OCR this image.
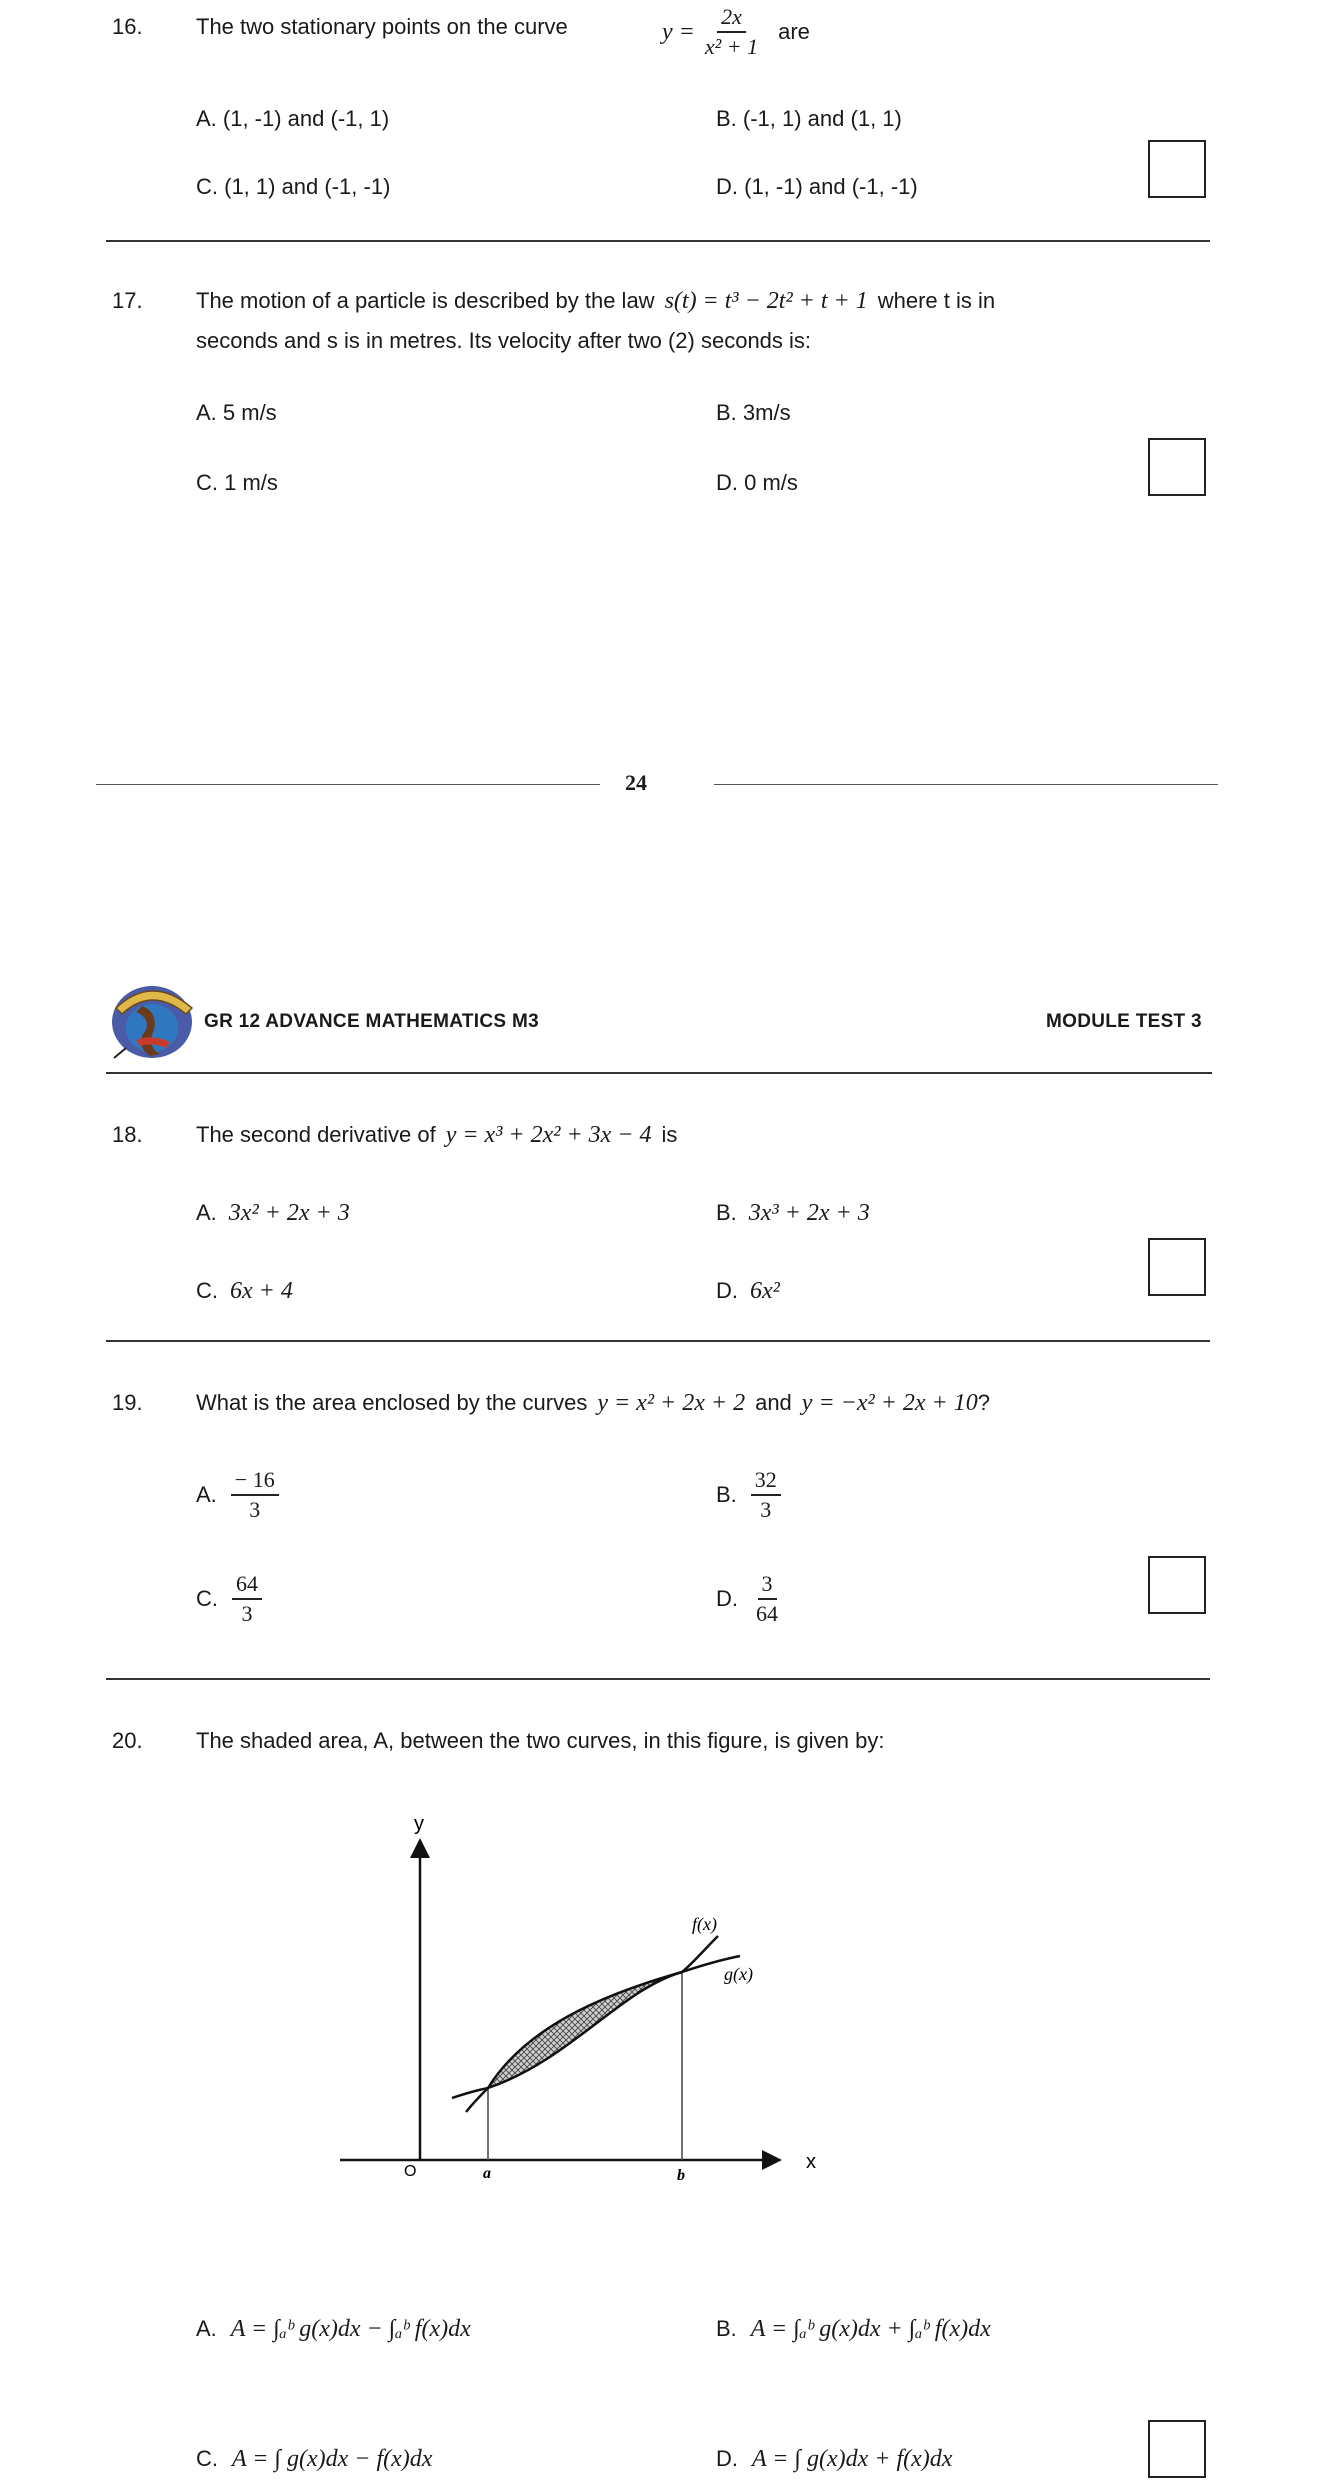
16. The two stationary points on the curve	$y = \frac{2x}{\text{x² + 1}}$ are
A. (1, -1) and (-1, 1)	B. (-1, 1) and (1, 1)
C. (1, 1) and (-1, -1)	D. (1, -1) and (-1, -1)
17. The motion of a particle is described by the law s(t) = t³ − 2t² + t + 1 where t is in
seconds and s is in metres. Its velocity after two (2) seconds is:
A. 5 m/s	B. 3m/s
C. 1 m/s	D. 0 m/s
24
GR 12 ADVANCE MATHEMATICS M3	MODULE TEST 3
18. The second derivative of y = x³ + 2x² + 3x − 4 is
A. 3x² + 2x + 3	B. 3x³ + 2x + 3
C. 6x + 4	D. 6x²
19. What is the area enclosed by the curves y = x² + 2x + 2 and y = −x² + 2x + 10 ?
A. $\frac{- 16}{3}$	B. $\frac{32}{3}$
C. $\frac{64}{3}$	D. $\frac{3}{64}$
20. The shaded area, A, between the two curves, in this figure, is given by:
y
x
O	a	b
f(x)
g(x)
A. A = ∫ₐᵇ g(x)dx − ∫ₐᵇ f(x)dx	B. A = ∫ₐᵇ g(x)dx + ∫ₐᵇ f(x)dx
C. A = ∫ g(x)dx − f(x)dx	D. A = ∫ g(x)dx + f(x)dx
